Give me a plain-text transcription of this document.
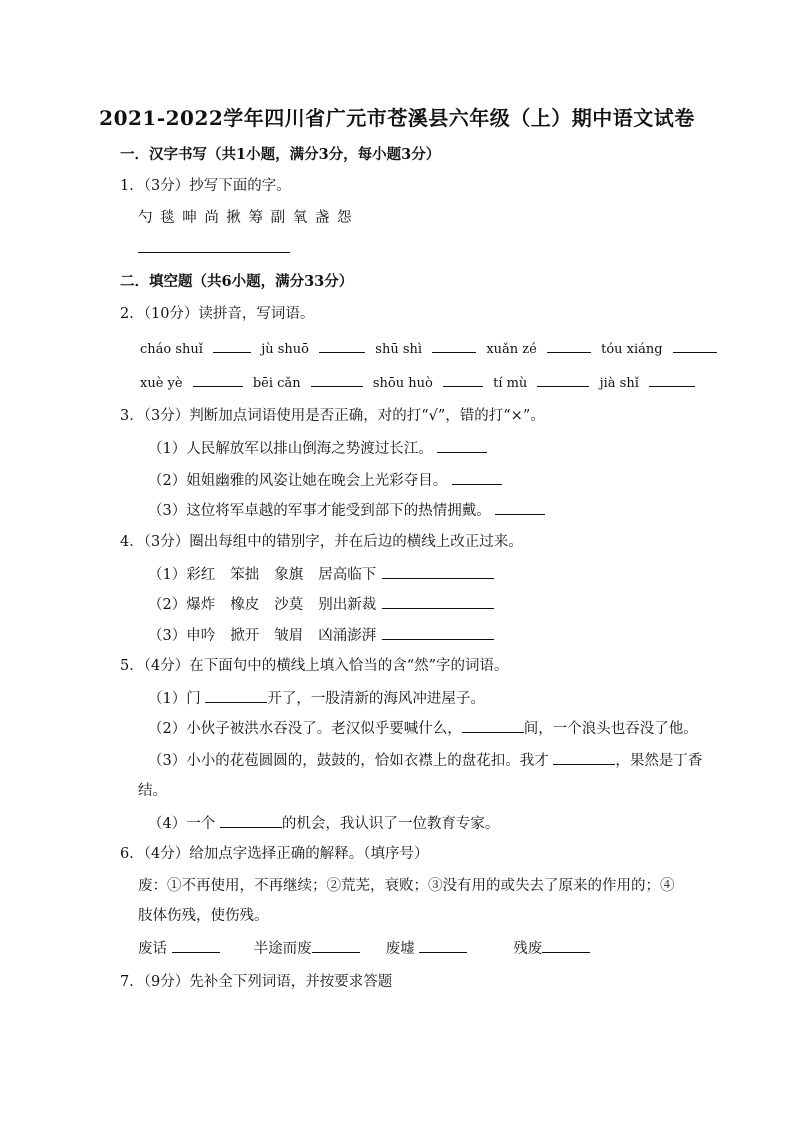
2021-2022学年四川省广元市苍溪县六年级（上）期中语文试卷
一．汉字书写（共1小题，满分3分，每小题3分）
1．（3分）抄写下面的字。
勺 毯 呻 尚 揪 筹 副 氧 盏 怨
二．填空题（共6小题，满分33分）
2．（10分）读拼音，写词语。
cháo shuǐ	jù shuō	shū shì	xuǎn zé	tóu xiáng
xuè yè	bēi cǎn	shōu huò	tí mù	jià shǐ
3．（3分）判断加点词语使用是否正确，对的打“√”，错的打“×”。
（1）人民解放军以排山倒海之势渡过长江。
（2）姐姐幽雅的风姿让她在晚会上光彩夺目。
（3）这位将军卓越的军事才能受到部下的热情拥戴。
4．（3分）圈出每组中的错别字，并在后边的横线上改正过来。
（1）彩红 笨拙 象旗 居高临下
（2）爆炸 橡皮 沙莫 别出新裁
（3）申吟 掀开 皱眉 凶涌澎湃
5．（4分）在下面句中的横线上填入恰当的含“然”字的词语。
（1）门	开了，一股清新的海风冲进屋子。
（2）小伙子被洪水吞没了。老汉似乎要喊什么，	间，一个浪头也吞没了他。
（3）小小的花苞圆圆的，鼓鼓的，恰如衣襟上的盘花扣。我才	，果然是丁香
结。
（4）一个	的机会，我认识了一位教育专家。
6．（4分）给加点字选择正确的解释。（填序号）
废：①不再使用，不再继续；②荒芜，衰败；③没有用的或失去了原来的作用的；④
肢体伤残，使伤残。
废话	半途而废	废墟	残废
7．（9分）先补全下列词语，并按要求答题
